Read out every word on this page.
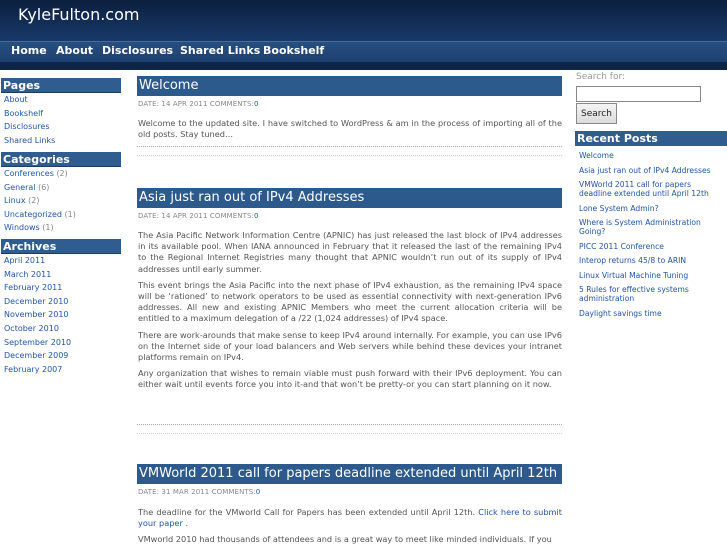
KyleFulton.com
Home About Disclosures Shared Links Bookshelf
Pages
About
Bookshelf
Disclosures
Shared Links
Categories
Conferences (2)
General (6)
Linux (2)
Uncategorized (1)
Windows (1)
Archives
April 2011
March 2011
February 2011
December 2010
November 2010
October 2010
September 2010
December 2009
February 2007
Welcome
DATE: 14 APR 2011 COMMENTS:0

Welcome to the updated site. I have switched to WordPress & am in the process of importing all of the old posts. Stay tuned…

Asia just ran out of IPv4 Addresses
DATE: 14 APR 2011 COMMENTS:0

The Asia Pacific Network Information Centre (APNIC) has just released the last block of IPv4 addresses in its available pool. When IANA announced in February that it released the last of the remaining IPv4 to the Regional Internet Registries many thought that APNIC wouldn’t run out of its supply of IPv4 addresses until early summer.

This event brings the Asia Pacific into the next phase of IPv4 exhaustion, as the remaining IPv4 space will be ‘rationed’ to network operators to be used as essential connectivity with next-generation IPv6 addresses. All new and existing APNIC Members who meet the current allocation criteria will be entitled to a maximum delegation of a /22 (1,024 addresses) of IPv4 space.

There are work-arounds that make sense to keep IPv4 around internally. For example, you can use IPv6 on the Internet side of your load balancers and Web servers while behind these devices your intranet platforms remain on IPv4.

Any organization that wishes to remain viable must push forward with their IPv6 deployment. You can either wait until events force you into it-and that won’t be pretty-or you can start planning on it now.

VMWorld 2011 call for papers deadline extended until April 12th
DATE: 31 MAR 2011 COMMENTS:0

The deadline for the VMworld Call for Papers has been extended until April 12th. Click here to submit your paper .

VMworld 2010 had thousands of attendees and is a great way to meet like minded individuals. If you

Search for:
Search
Recent Posts
Welcome
Asia just ran out of IPv4 Addresses
VMWorld 2011 call for papers deadline extended until April 12th
Lone System Admin?
Where is System Administration Going?
PICC 2011 Conference
Interop returns 45/8 to ARIN
Linux Virtual Machine Tuning
5 Rules for effective systems administration
Daylight savings time
